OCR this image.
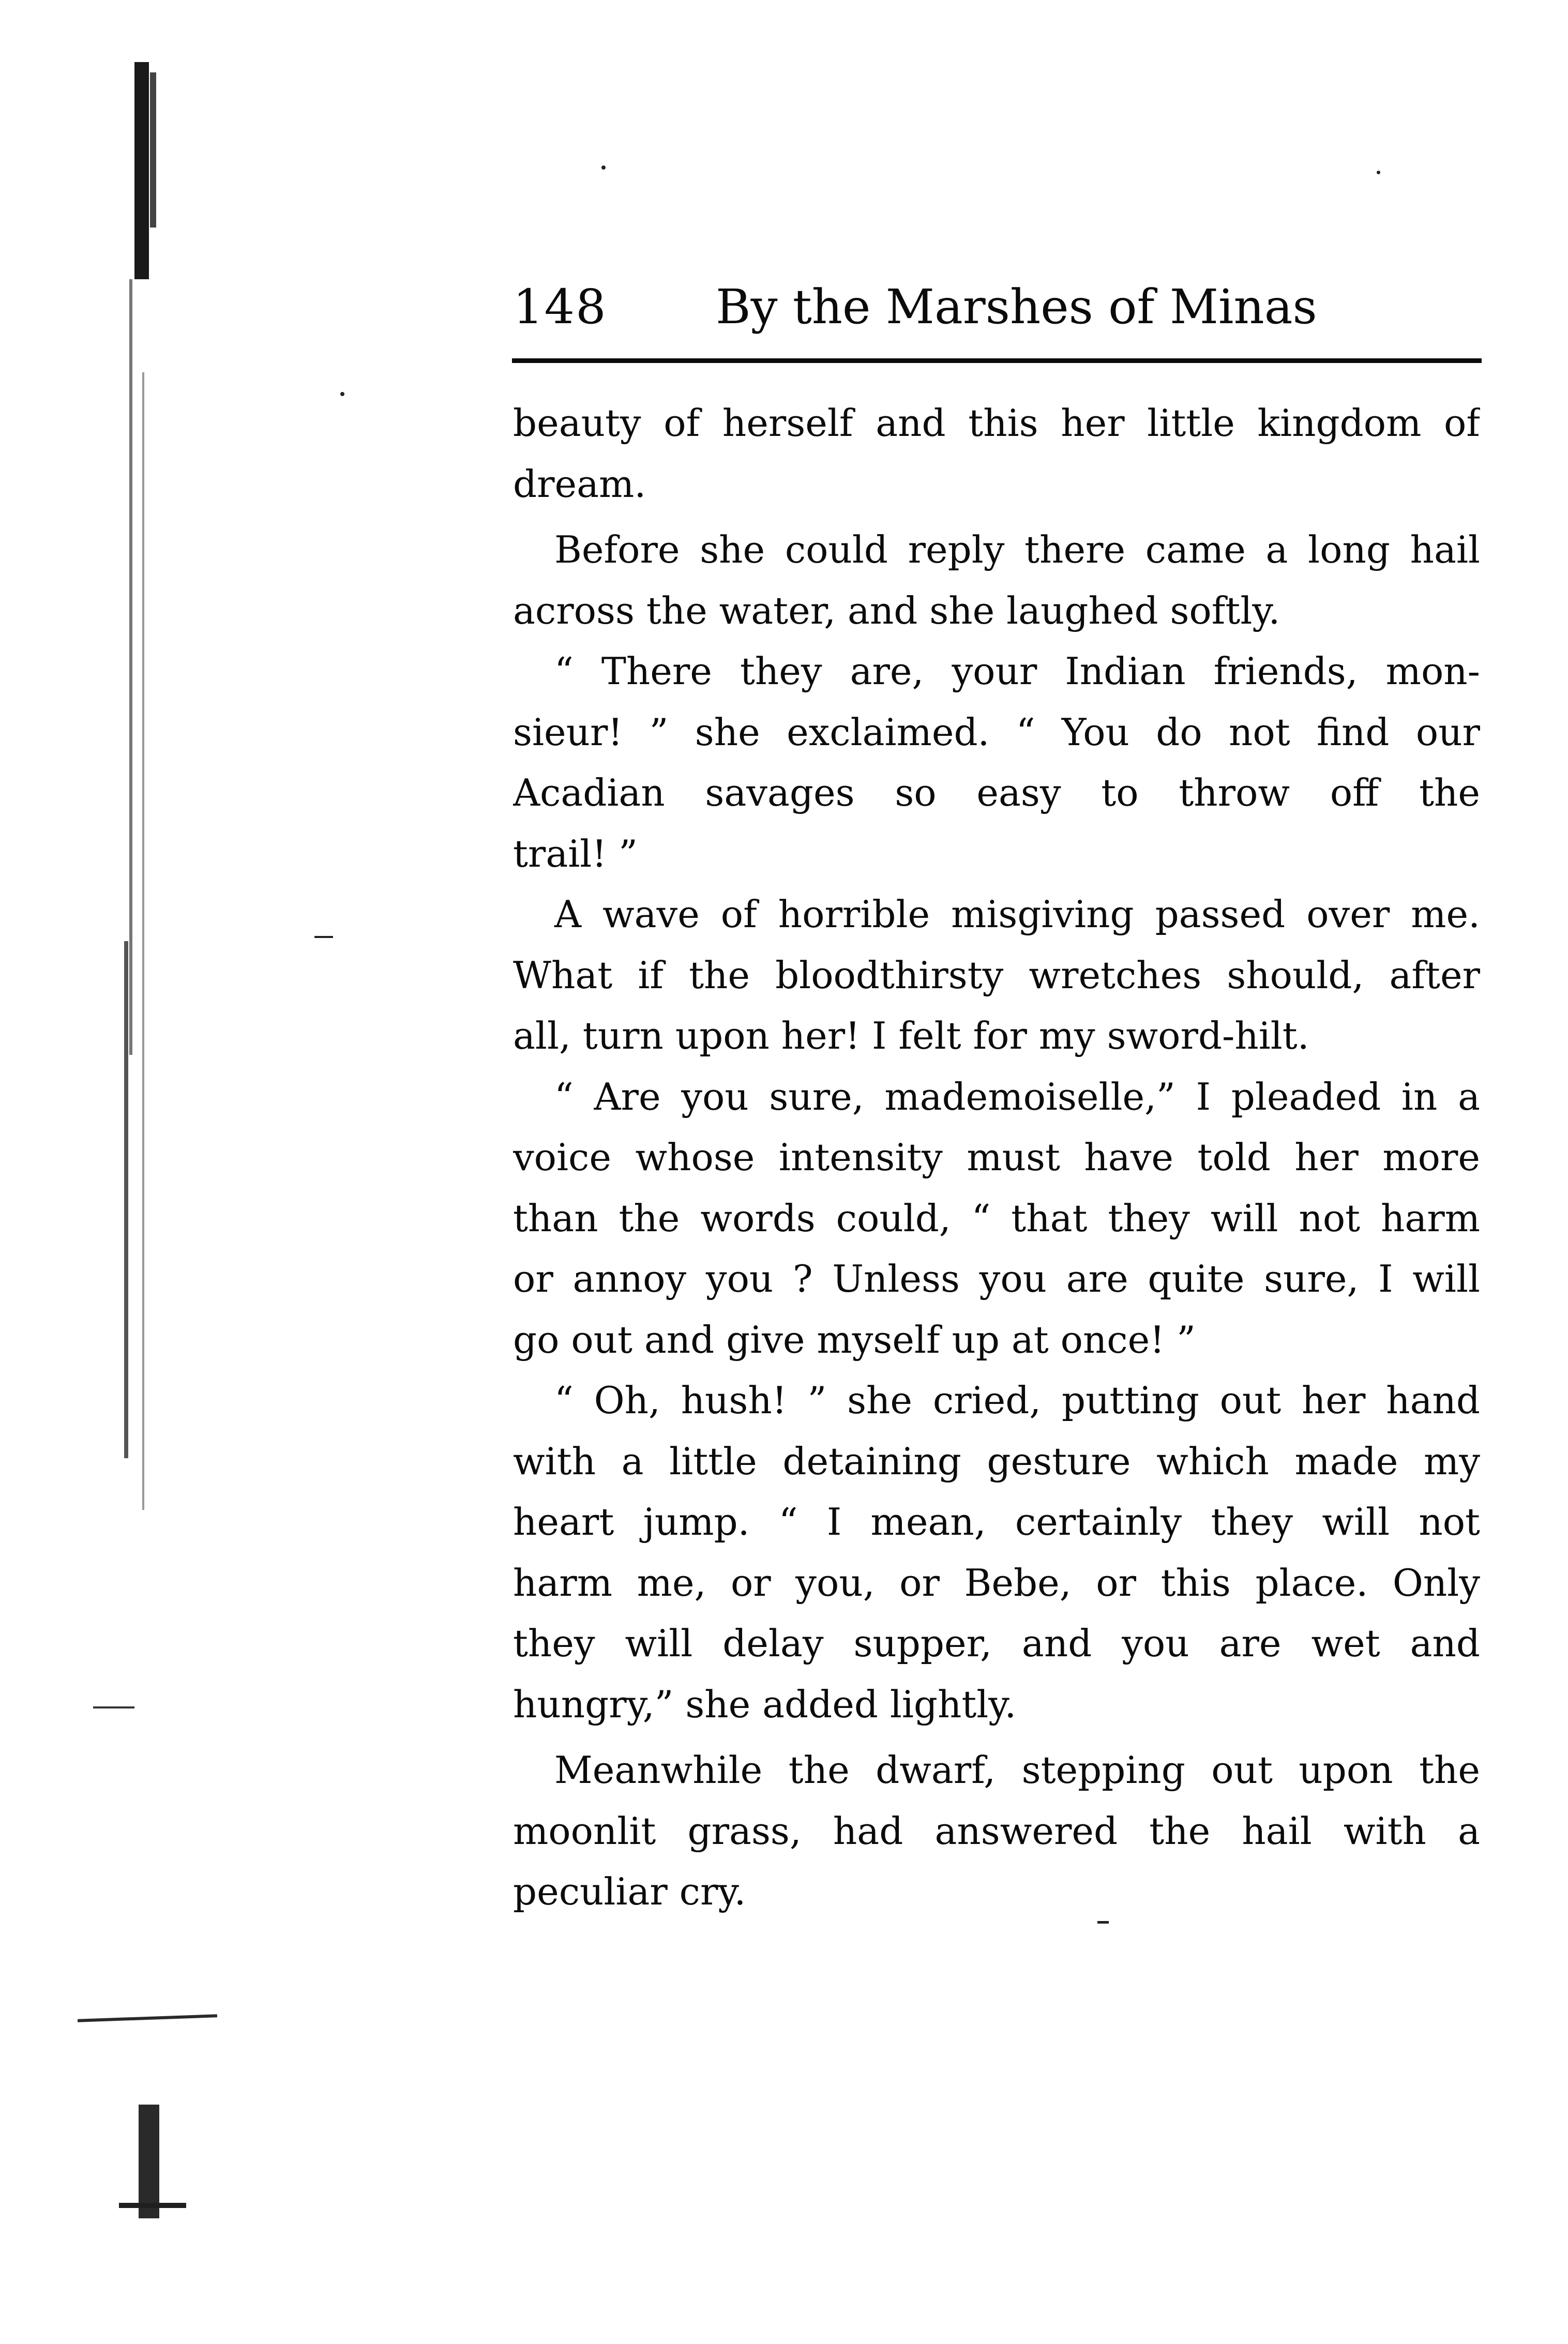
148 By the Marshes of Minas
beauty of herself and this her little kingdom of
dream.
Before she could reply there came a long hail
across the water, and she laughed softly.
“ There they are, your Indian friends, mon-
sieur! ” she exclaimed. “ You do not find our
Acadian savages so easy to throw off the
trail! ”
A wave of horrible misgiving passed over me.
What if the bloodthirsty wretches should, after
all, turn upon her! I felt for my sword-hilt.
“ Are you sure, mademoiselle,” I pleaded in a
voice whose intensity must have told her more
than the words could, “ that they will not harm
or annoy you ? Unless you are quite sure, I will
go out and give myself up at once! ”
“ Oh, hush! ” she cried, putting out her hand
with a little detaining gesture which made my
heart jump. “ I mean, certainly they will not
harm me, or you, or Bebe, or this place. Only
they will delay supper, and you are wet and
hungry,” she added lightly.
Meanwhile the dwarf, stepping out upon the
moonlit grass, had answered the hail with a
peculiar cry.
